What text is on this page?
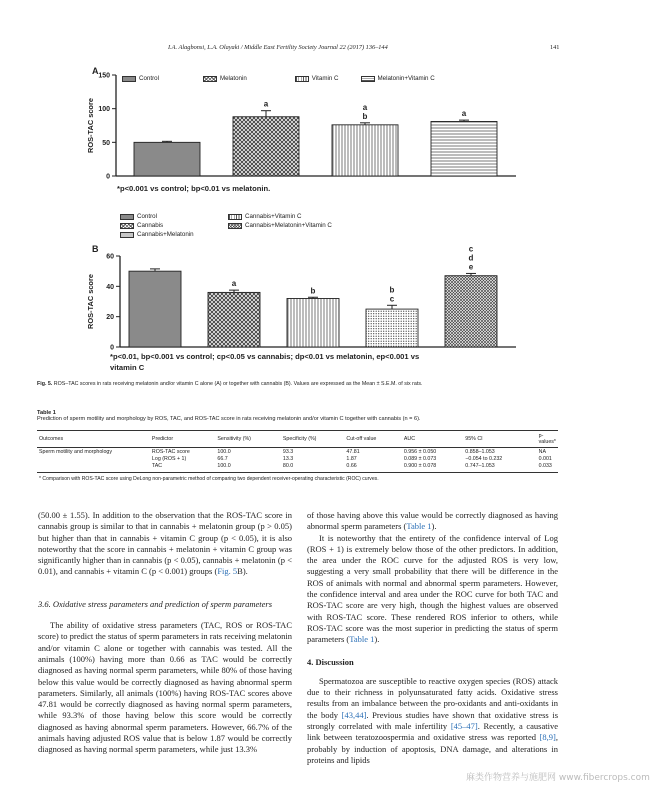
I.A. Alagbonsi, L.A. Olayaki / Middle East Fertility Society Journal 22 (2017) 136–144	141
A
Control	Melatonin	Vitamin C	Melatonin+Vitamin C
0
50
100
150
ROS-TAC score	a	a
b	a
*p<0.001 vs control; bp<0.01 vs melatonin.
Control
Cannabis
Cannabis+Melatonin
Cannabis+Vitamin C
Cannabis+Melatonin+Vitamin C
B
0
20
40
60
ROS-TAC score	a
b	b
c
c
d
e
*p<0.01, bp<0.001 vs control; cp<0.05 vs cannabis; dp<0.01 vs melatonin, ep<0.001 vs
vitamin C
Fig. 5. ROS–TAC scores in rats receiving melatonin and/or vitamin C alone (A) or together with cannabis (B). Values are expressed as the Mean ± S.E.M. of six rats.
Table 1
Prediction of sperm motility and morphology by ROS, TAC, and ROS-TAC score in rats receiving melatonin and/or vitamin C together with cannabis (n = 6).
Outcomes	Predictor	Sensitivity (%)	Specificity (%)	Cut-off value	AUC	95% CI	p-values*
Sperm motility and morphology	ROS-TAC score	100.0	93.3	47.81	0.956 ± 0.050	0.858–1.053	NA
	Log (ROS + 1)	66.7	13.3	1.87	0.089 ± 0.073	−0.054 to 0.232	0.001
	TAC	100.0	80.0	0.66	0.900 ± 0.078	0.747–1.053	0.033
* Comparison with ROS-TAC score using DeLong non-parametric method of comparing two dependent receiver-operating characteristic (ROC) curves.

(50.00 ± 1.55). In addition to the observation that the ROS-TAC score in cannabis group is similar to that in cannabis + melatonin group (p > 0.05) but higher than that in cannabis + vitamin C group (p < 0.05), it is also noteworthy that the score in cannabis + melatonin + vitamin C group was significantly higher than in cannabis (p < 0.05), cannabis + melatonin (p < 0.01), and cannabis + vitamin C (p < 0.001) groups (Fig. 5B).

3.6. Oxidative stress parameters and prediction of sperm parameters

The ability of oxidative stress parameters (TAC, ROS or ROS-TAC score) to predict the status of sperm parameters in rats receiving melatonin and/or vitamin C alone or together with cannabis was tested. All the animals (100%) having more than 0.66 as TAC would be correctly diagnosed as having normal sperm parameters, while 80% of those having below this value would be correctly diagnosed as having abnormal sperm parameters. Similarly, all animals (100%) having ROS-TAC scores above 47.81 would be correctly diagnosed as having normal sperm parameters, while 93.3% of those having below this score would be correctly diagnosed as having abnormal sperm parameters. However, 66.7% of the animals having adjusted ROS value that is below 1.87 would be correctly diagnosed as having normal sperm parameters, while just 13.3%

of those having above this value would be correctly diagnosed as having abnormal sperm parameters (Table 1).

It is noteworthy that the entirety of the confidence interval of Log (ROS + 1) is extremely below those of the other predictors. In addition, the area under the ROC curve for the adjusted ROS is very low, suggesting a very small probability that there will be difference in the ROS of animals with normal and abnormal sperm parameters. However, the confidence interval and area under the ROC curve for both TAC and ROS-TAC score are very high, though the highest values are observed with ROS-TAC score. These rendered ROS inferior to others, while ROS-TAC score was the most superior in predicting the status of sperm parameters (Table 1).

4. Discussion

Spermatozoa are susceptible to reactive oxygen species (ROS) attack due to their richness in polyunsaturated fatty acids. Oxidative stress results from an imbalance between the pro-oxidants and anti-oxidants in the body [43,44]. Previous studies have shown that oxidative stress is strongly correlated with male infertility [45–47]. Recently, a causative link between teratozoospermia and oxidative stress was reported [8,9], probably by induction of apoptosis, DNA damage, and alterations in proteins and lipids

麻类作物营养与施肥网 www.fibercrops.com
